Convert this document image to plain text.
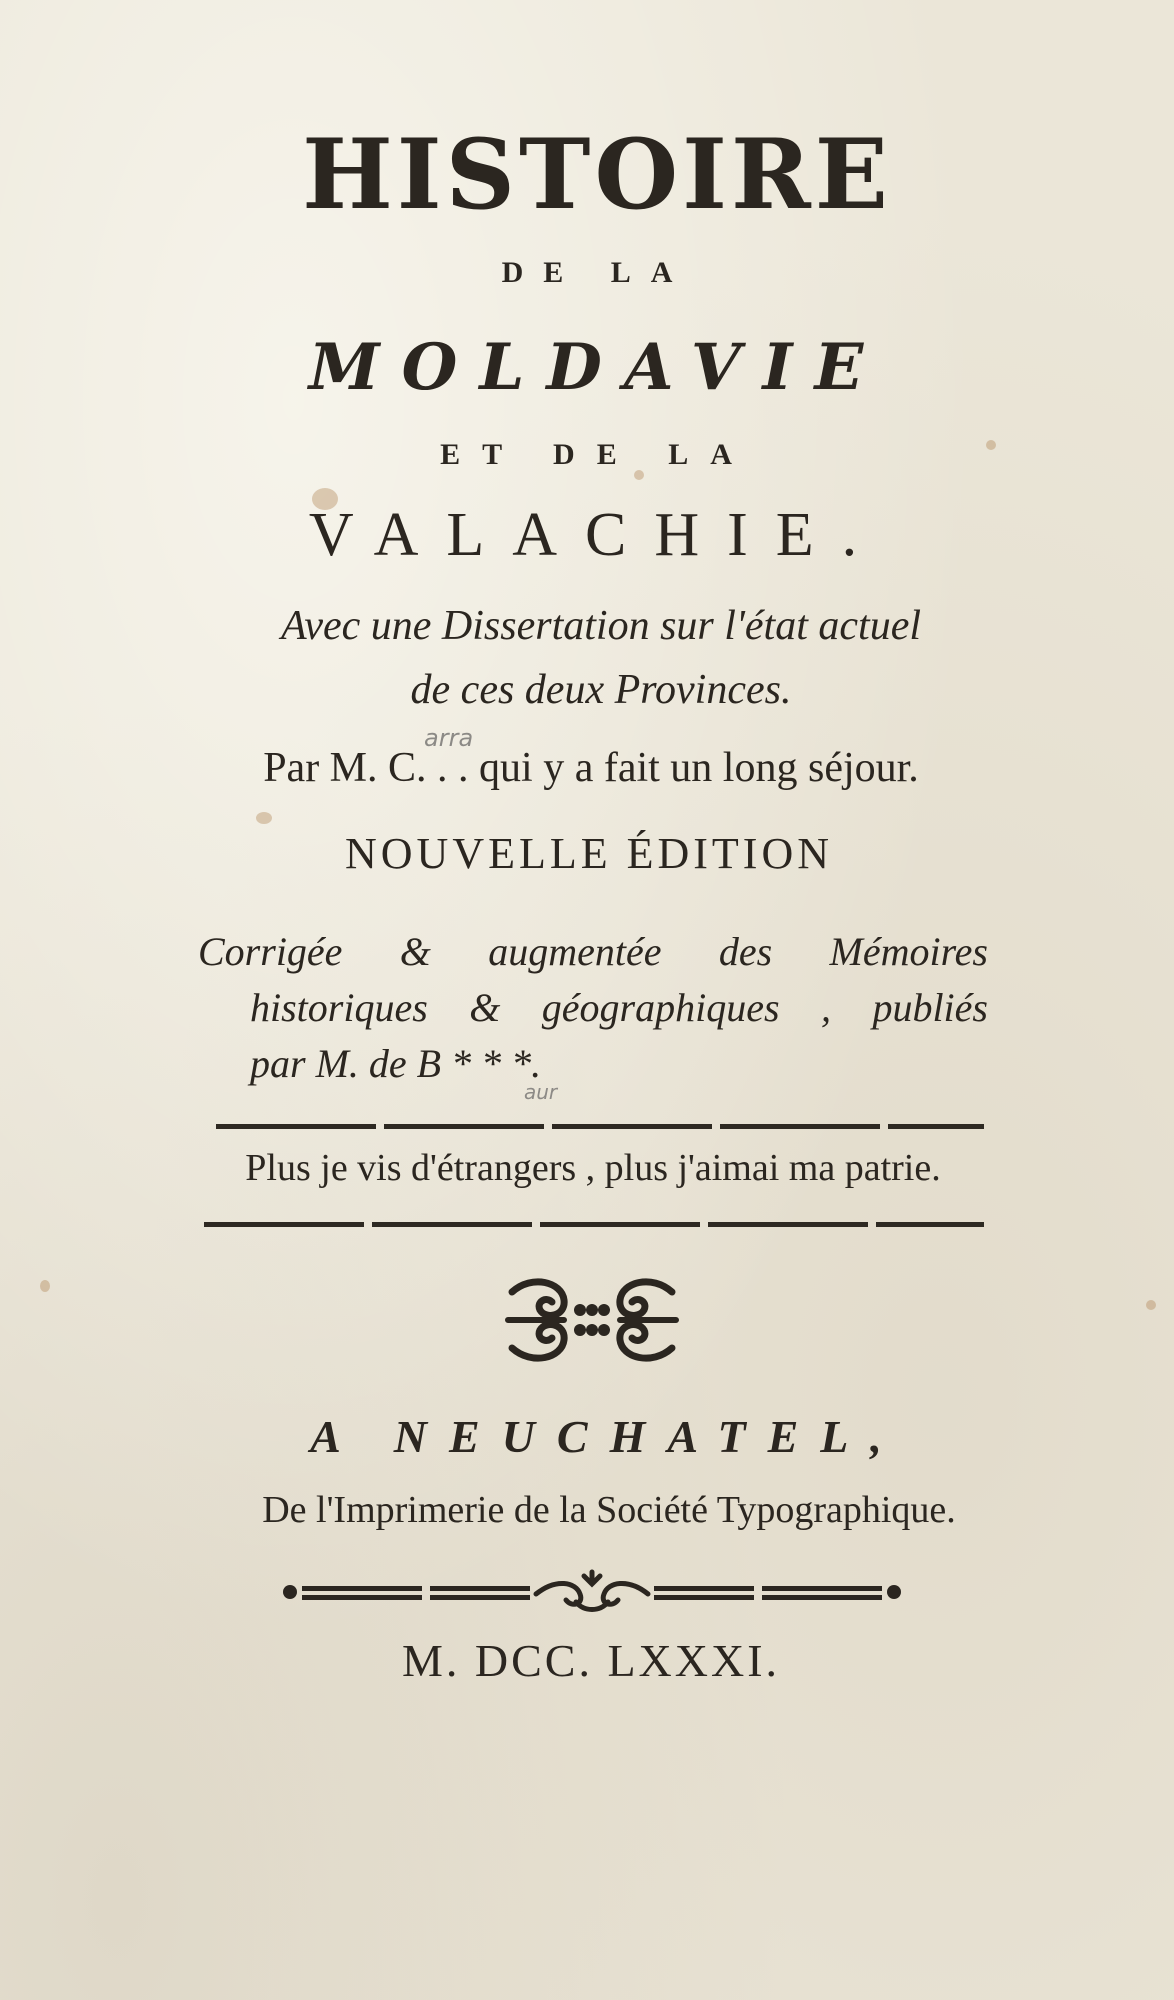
HISTOIRE
DE LA
MOLDAVIE
ET DE LA
VALACHIE.
Avec une Dissertation sur l'état actuel
de ces deux Provinces.
Par M. C. . . qui y a fait un long séjour.
arra
NOUVELLE ÉDITION
Corrigée & augmentée des Mémoires
historiques & géographiques , publiés
par M. de B * * *.
aur
Plus je vis d'étrangers , plus j'aimai ma patrie.
A NEUCHATEL,
De l'Imprimerie de la Société Typographique.
M. DCC. LXXXI.
